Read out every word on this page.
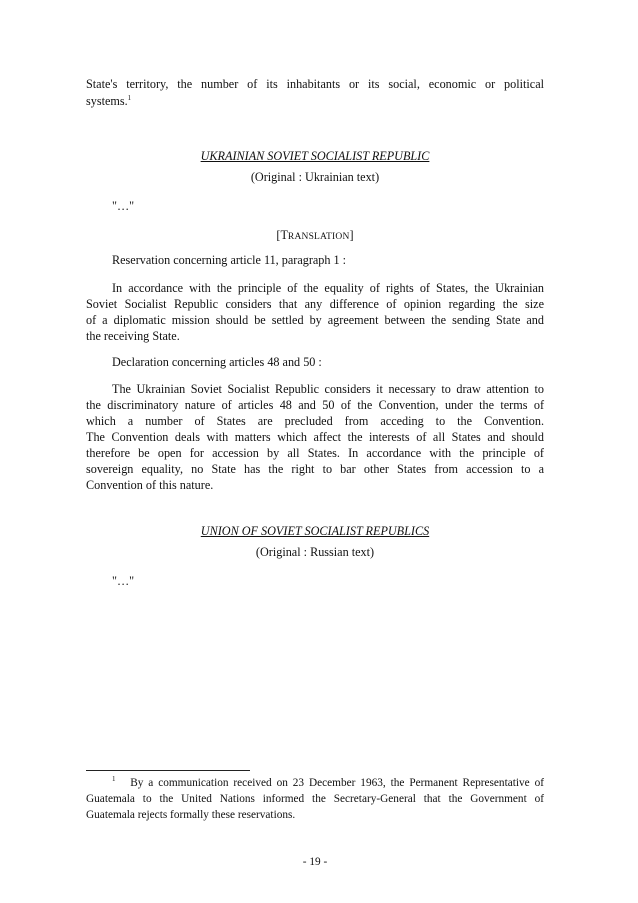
State's territory, the number of its inhabitants or its social, economic or political
systems.$^1$
UKRAINIAN SOVIET SOCIALIST REPUBLIC
(Original : Ukrainian text)
"…"
[TRANSLATION]
Reservation concerning article 11, paragraph 1 :
In accordance with the principle of the equality of rights of States, the Ukrainian
Soviet Socialist Republic considers that any difference of opinion regarding the size
of a diplomatic mission should be settled by agreement between the sending State and
the receiving State.
Declaration concerning articles 48 and 50 :
The Ukrainian Soviet Socialist Republic considers it necessary to draw attention to
the discriminatory nature of articles 48 and 50 of the Convention, under the terms of
which a number of States are precluded from acceding to the Convention.
The Convention deals with matters which affect the interests of all States and should
therefore be open for accession by all States. In accordance with the principle of
sovereign equality, no State has the right to bar other States from accession to a
Convention of this nature.
UNION OF SOVIET SOCIALIST REPUBLICS
(Original : Russian text)
"…"
$^1$ By a communication received on 23 December 1963, the Permanent Representative of
Guatemala to the United Nations informed the Secretary-General that the Government of
Guatemala rejects formally these reservations.
- 19 -
